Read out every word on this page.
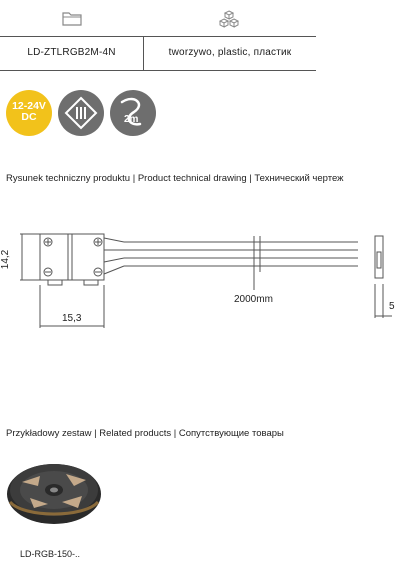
LD-ZTLRGB2M-4N	tworzywo, plastic, пластик
12-24V
DC	2m
Rysunek techniczny produktu | Product technical drawing | Технический чертеж
14,2
15,3
2000mm
5
Przykładowy zestaw | Related products | Сопутствующие товары
LD-RGB-150-..
